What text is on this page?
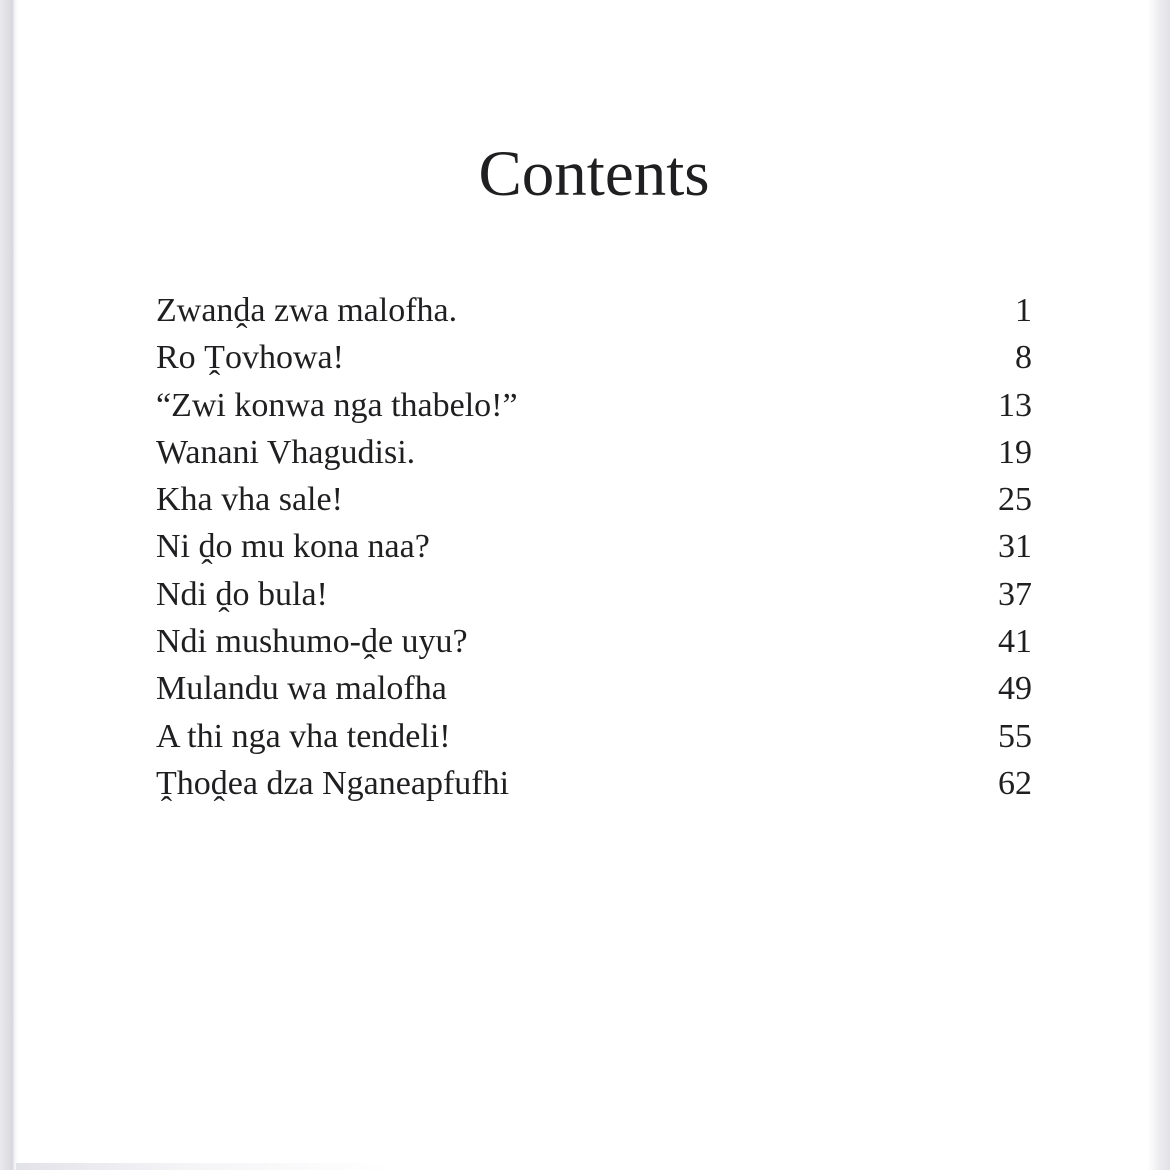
Contents
Zwanḓa zwa malofha.	1
Ro Ṱovhowa!	8
“Zwi konwa nga thabelo!”	13
Wanani Vhagudisi.	19
Kha vha sale!	25
Ni ḓo mu kona naa?	31
Ndi ḓo bula!	37
Ndi mushumo-ḓe uyu?	41
Mulandu wa malofha	49
A thi nga vha tendeli!	55
Ṱhoḓea dza Nganeapfufhi	62
